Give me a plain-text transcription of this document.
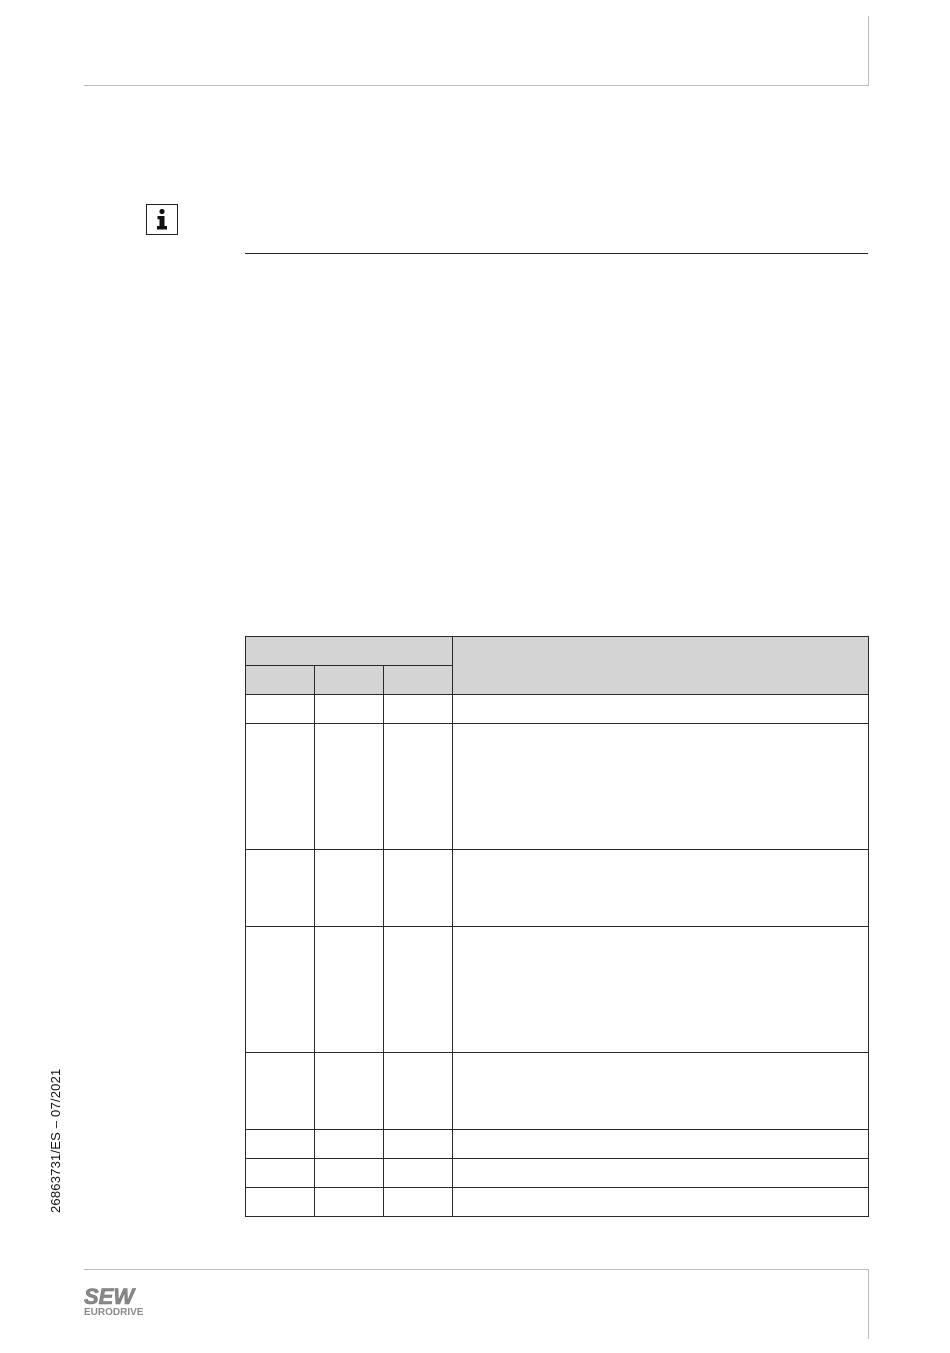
26863731/ES – 07/2021
SEW
EURODRIVE
